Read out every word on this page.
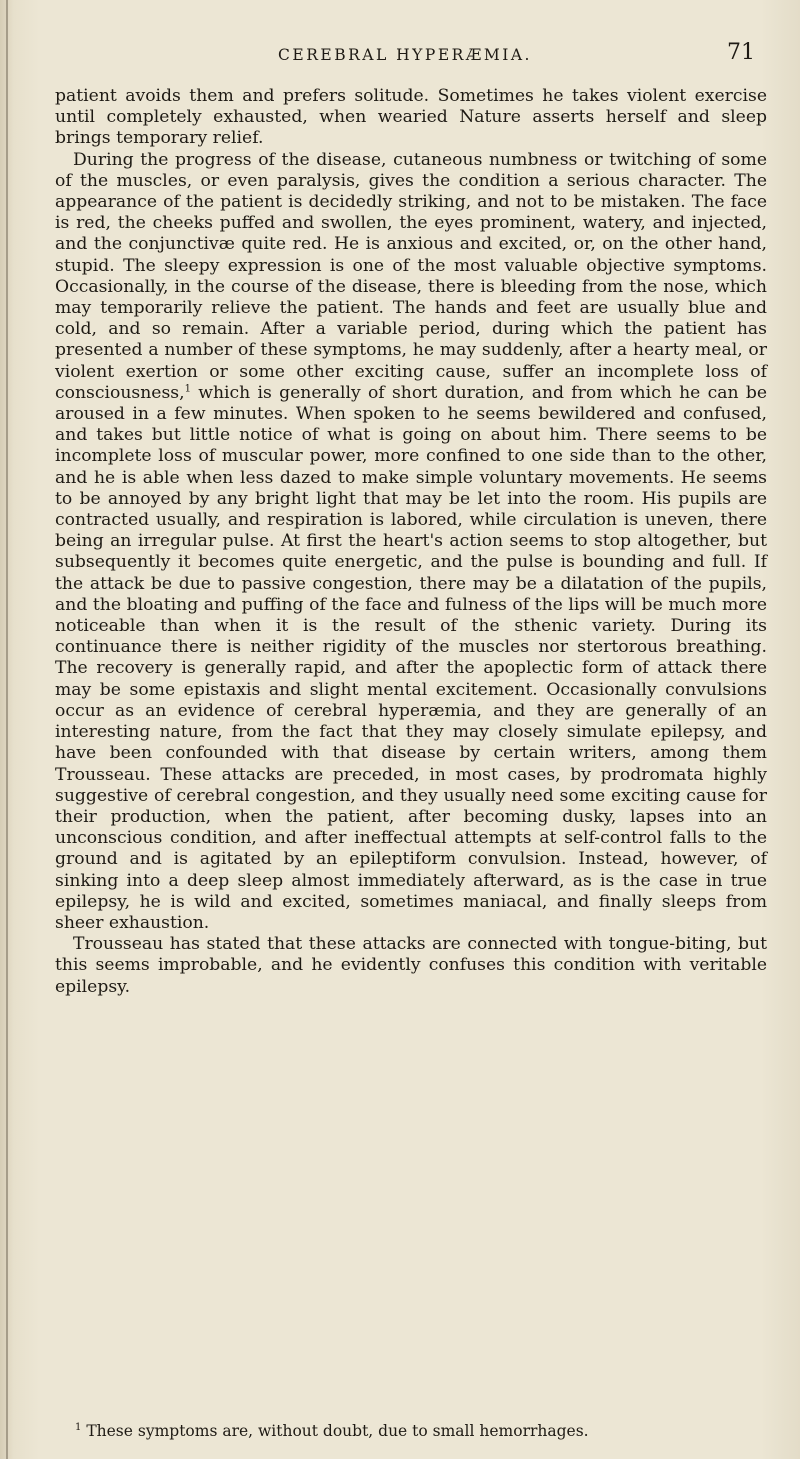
CEREBRAL HYPERÆMIA.	71

patient avoids them and prefers solitude. Sometimes he takes violent exercise until completely exhausted, when wearied Nature asserts herself and sleep brings temporary relief.

During the progress of the disease, cutaneous numbness or twitching of some of the muscles, or even paralysis, gives the condition a serious character. The appearance of the patient is decidedly striking, and not to be mistaken. The face is red, the cheeks puffed and swollen, the eyes prominent, watery, and injected, and the conjunctivæ quite red. He is anxious and excited, or, on the other hand, stupid. The sleepy expression is one of the most valuable objective symptoms. Occasionally, in the course of the disease, there is bleeding from the nose, which may temporarily relieve the patient. The hands and feet are usually blue and cold, and so remain. After a variable period, during which the patient has presented a number of these symptoms, he may suddenly, after a hearty meal, or violent exertion or some other exciting cause, suffer an incomplete loss of consciousness,$^1$ which is generally of short duration, and from which he can be aroused in a few minutes. When spoken to he seems bewildered and confused, and takes but little notice of what is going on about him. There seems to be incomplete loss of muscular power, more confined to one side than to the other, and he is able when less dazed to make simple voluntary movements. He seems to be annoyed by any bright light that may be let into the room. His pupils are contracted usually, and respiration is labored, while circulation is uneven, there being an irregular pulse. At first the heart's action seems to stop altogether, but subsequently it becomes quite energetic, and the pulse is bounding and full. If the attack be due to passive congestion, there may be a dilatation of the pupils, and the bloating and puffing of the face and fulness of the lips will be much more noticeable than when it is the result of the sthenic variety. During its continuance there is neither rigidity of the muscles nor stertorous breathing. The recovery is generally rapid, and after the apoplectic form of attack there may be some epistaxis and slight mental excitement. Occasionally convulsions occur as an evidence of cerebral hyperæmia, and they are generally of an interesting nature, from the fact that they may closely simulate epilepsy, and have been confounded with that disease by certain writers, among them Trousseau. These attacks are preceded, in most cases, by prodromata highly suggestive of cerebral congestion, and they usually need some exciting cause for their production, when the patient, after becoming dusky, lapses into an unconscious condition, and after ineffectual attempts at self-control falls to the ground and is agitated by an epileptiform convulsion. Instead, however, of sinking into a deep sleep almost immediately afterward, as is the case in true epilepsy, he is wild and excited, sometimes maniacal, and finally sleeps from sheer exhaustion.

Trousseau has stated that these attacks are connected with tongue-biting, but this seems improbable, and he evidently confuses this condition with veritable epilepsy.

$^1$ These symptoms are, without doubt, due to small hemorrhages.
